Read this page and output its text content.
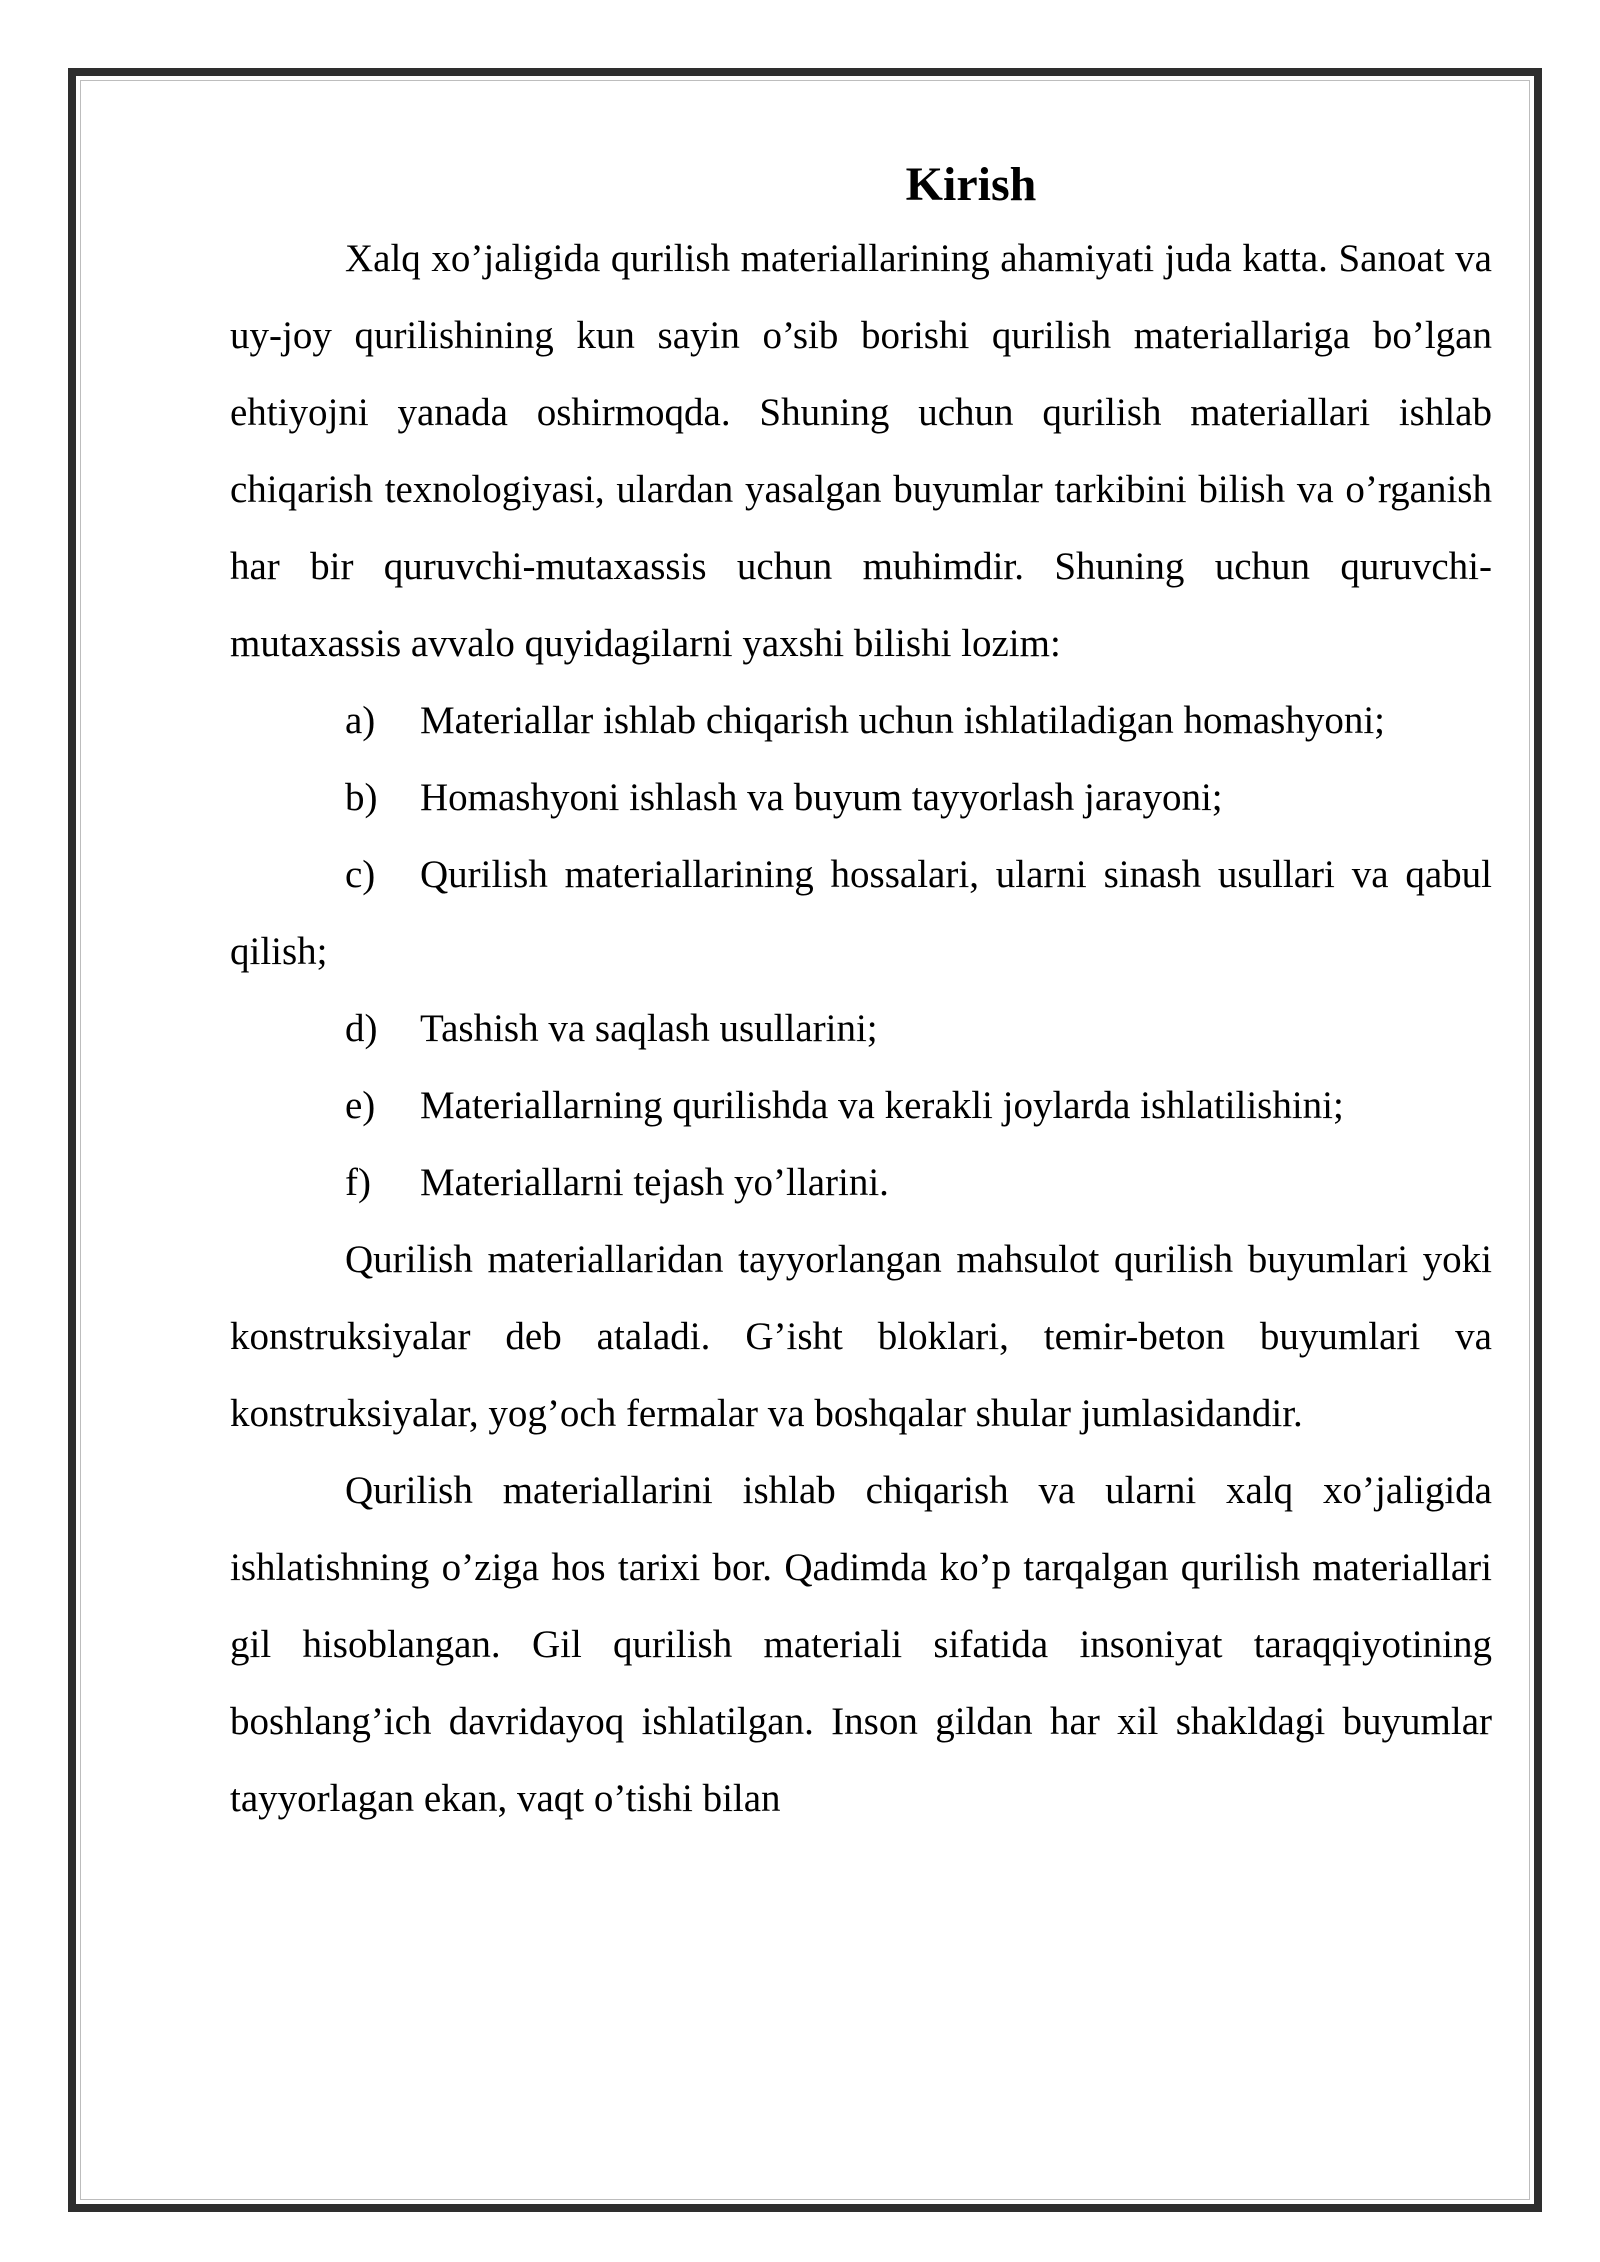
Kirish

Xalq xo’jaligida qurilish materiallarining ahamiyati juda katta. Sanoat va uy-joy qurilishining kun sayin o’sib borishi qurilish materiallariga bo’lgan ehtiyojni yanada oshirmoqda. Shuning uchun qurilish materiallari ishlab chiqarish texnologiyasi, ulardan yasalgan buyumlar tarkibini bilish va o’rganish har bir quruvchi-mutaxassis uchun muhimdir. Shuning uchun quruvchi-mutaxassis avvalo quyidagilarni yaxshi bilishi lozim:

a) Materiallar ishlab chiqarish uchun ishlatiladigan homashyoni;

b) Homashyoni ishlash va buyum tayyorlash jarayoni;

c) Qurilish materiallarining hossalari, ularni sinash usullari va qabul qilish;

d) Tashish va saqlash usullarini;

e) Materiallarning qurilishda va kerakli joylarda ishlatilishini;

f) Materiallarni tejash yo’llarini.

Qurilish materiallaridan tayyorlangan mahsulot qurilish buyumlari yoki konstruksiyalar deb ataladi. G’isht bloklari, temir-beton buyumlari va konstruksiyalar, yog’och fermalar va boshqalar shular jumlasidandir.

Qurilish materiallarini ishlab chiqarish va ularni xalq xo’jaligida ishlatishning o’ziga hos tarixi bor. Qadimda ko’p tarqalgan qurilish materiallari gil hisoblangan. Gil qurilish materiali sifatida insoniyat taraqqiyotining boshlang’ich davridayoq ishlatilgan. Inson gildan har xil shakldagi buyumlar tayyorlagan ekan, vaqt o’tishi bilan
